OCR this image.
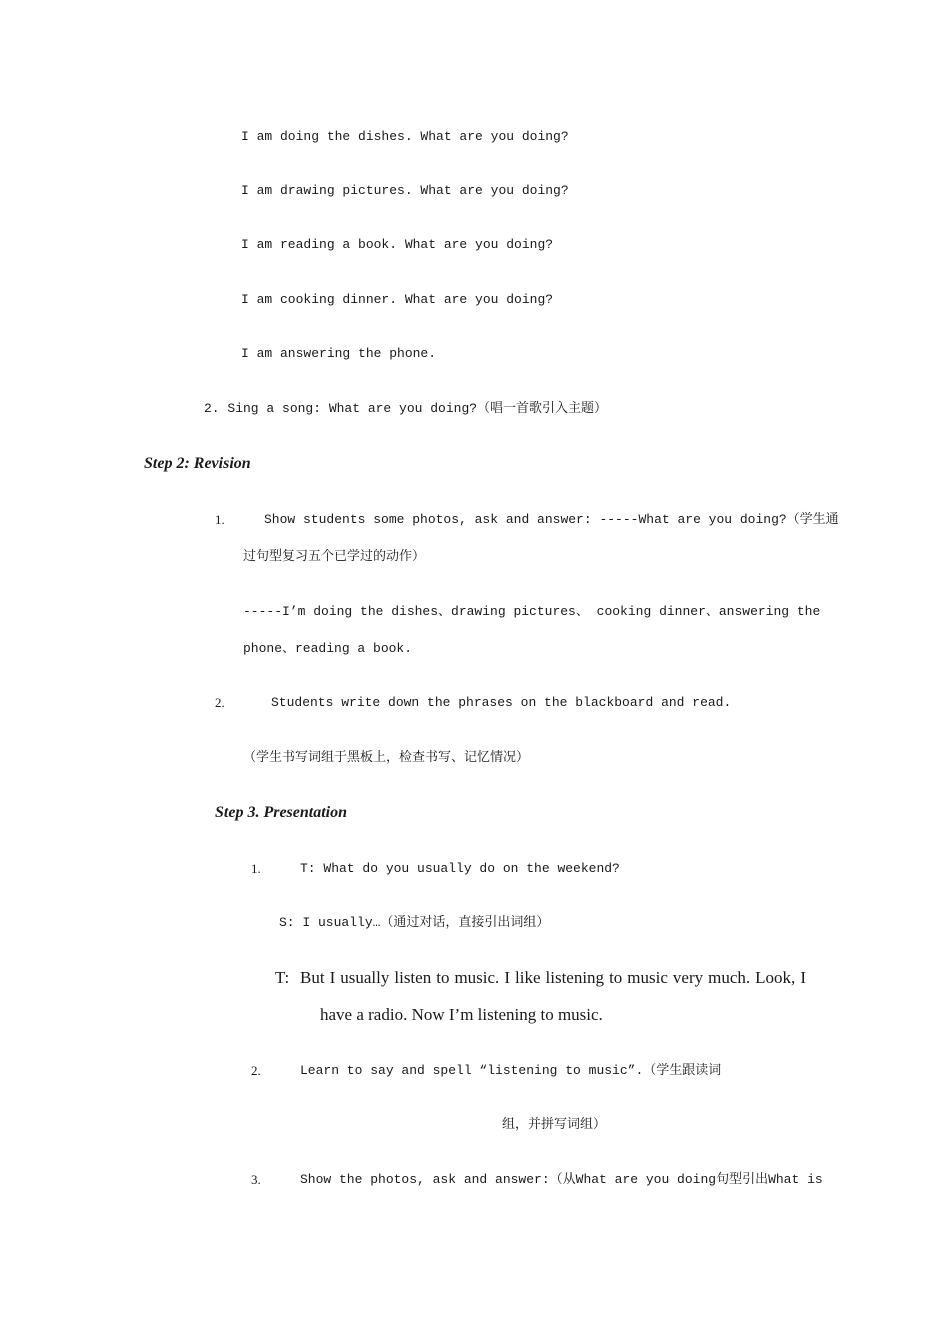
I am doing the dishes. What are you doing?
I am drawing pictures. What are you doing?
I am reading a book. What are you doing?
I am cooking dinner. What are you doing?
I am answering the phone.
2. Sing a song: What are you doing?（唱一首歌引入主题）
Step 2: Revision
1.	Show students some photos, ask and answer: -----What are you doing?（学生通
过句型复习五个已学过的动作）
-----I’m doing the dishes、drawing pictures、 cooking dinner、answering the
phone、reading a book.
2.	Students write down the phrases on the blackboard and read.
（学生书写词组于黑板上，检查书写、记忆情况）
Step 3. Presentation
1.	T: What do you usually do on the weekend?
S: I usually…（通过对话，直接引出词组）
T: But I usually listen to music. I like listening to music very much. Look, I
have a radio. Now I’m listening to music.
2.	Learn to say and spell “listening to music”.（学生跟读词
组，并拼写词组）
3.	Show the photos, ask and answer:（从What are you doing句型引出What is
